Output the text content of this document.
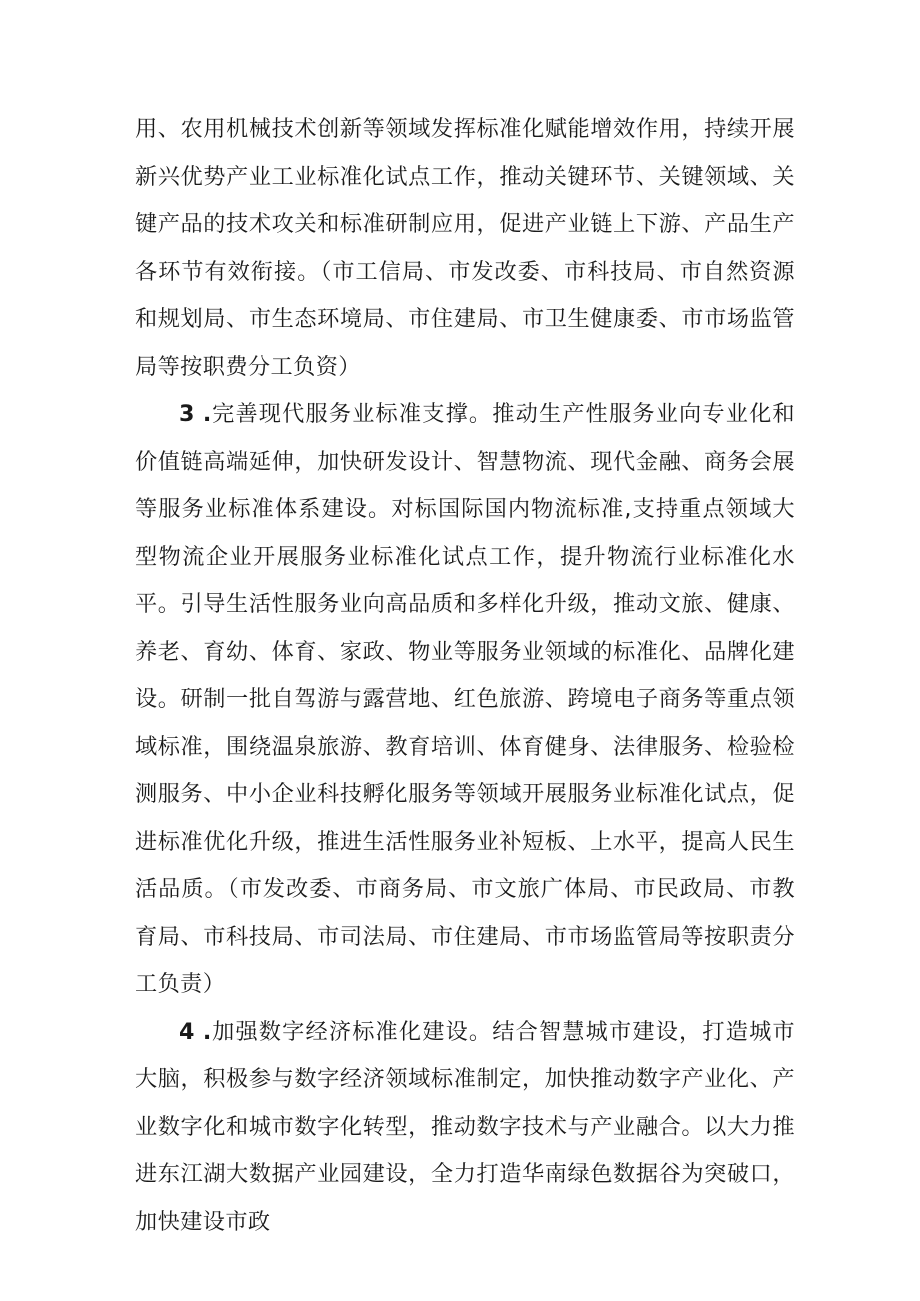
用、农用机械技术创新等领域发挥标准化赋能增效作用，持续开展新兴优势产业工业标准化试点工作，推动关键环节、关键领域、关键产品的技术攻关和标准研制应用，促进产业链上下游、产品生产各环节有效衔接。（市工信局、市发改委、市科技局、市自然资源和规划局、市生态环境局、市住建局、市卫生健康委、市市场监管局等按职费分工负资）

3 .完善现代服务业标准支撑。推动生产性服务业向专业化和价值链高端延伸，加快研发设计、智慧物流、现代金融、商务会展等服务业标准体系建设。对标国际国内物流标准,支持重点领域大型物流企业开展服务业标准化试点工作，提升物流行业标准化水平。引导生活性服务业向高品质和多样化升级，推动文旅、健康、养老、育幼、体育、家政、物业等服务业领域的标准化、品牌化建设。研制一批自驾游与露营地、红色旅游、跨境电子商务等重点领域标准，围绕温泉旅游、教育培训、体育健身、法律服务、检验检测服务、中小企业科技孵化服务等领域开展服务业标准化试点，促进标准优化升级，推进生活性服务业补短板、上水平，提高人民生活品质。（市发改委、市商务局、市文旅广体局、市民政局、市教育局、市科技局、市司法局、市住建局、市市场监管局等按职责分工负责）

4 .加强数字经济标准化建设。结合智慧城市建设，打造城市大脑，积极参与数字经济领域标准制定，加快推动数字产业化、产业数字化和城市数字化转型，推动数字技术与产业融合。以大力推进东江湖大数据产业园建设，全力打造华南绿色数据谷为突破口，加快建设市政
